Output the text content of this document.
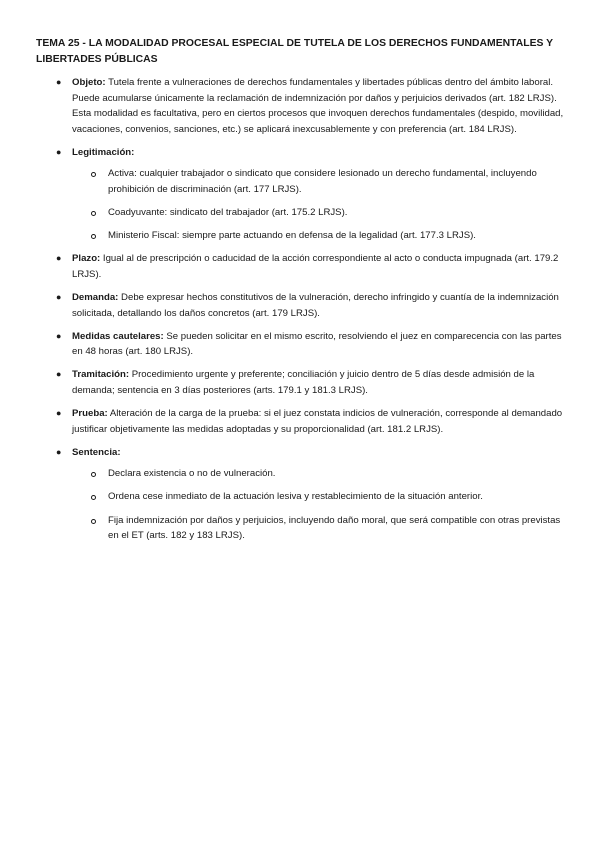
TEMA 25 - LA MODALIDAD PROCESAL ESPECIAL DE TUTELA DE LOS DERECHOS FUNDAMENTALES Y LIBERTADES PÚBLICAS
● Objeto: Tutela frente a vulneraciones de derechos fundamentales y libertades públicas dentro del ámbito laboral. Puede acumularse únicamente la reclamación de indemnización por daños y perjuicios derivados (art. 182 LRJS). Esta modalidad es facultativa, pero en ciertos procesos que invoquen derechos fundamentales (despido, movilidad, vacaciones, convenios, sanciones, etc.) se aplicará inexcusablemente y con preferencia (art. 184 LRJS).
● Legitimación:
Activa: cualquier trabajador o sindicato que considere lesionado un derecho fundamental, incluyendo prohibición de discriminación (art. 177 LRJS).
Coadyuvante: sindicato del trabajador (art. 175.2 LRJS).
Ministerio Fiscal: siempre parte actuando en defensa de la legalidad (art. 177.3 LRJS).
● Plazo: Igual al de prescripción o caducidad de la acción correspondiente al acto o conducta impugnada (art. 179.2 LRJS).
● Demanda: Debe expresar hechos constitutivos de la vulneración, derecho infringido y cuantía de la indemnización solicitada, detallando los daños concretos (art. 179 LRJS).
● Medidas cautelares: Se pueden solicitar en el mismo escrito, resolviendo el juez en comparecencia con las partes en 48 horas (art. 180 LRJS).
● Tramitación: Procedimiento urgente y preferente; conciliación y juicio dentro de 5 días desde admisión de la demanda; sentencia en 3 días posteriores (arts. 179.1 y 181.3 LRJS).
● Prueba: Alteración de la carga de la prueba: si el juez constata indicios de vulneración, corresponde al demandado justificar objetivamente las medidas adoptadas y su proporcionalidad (art. 181.2 LRJS).
● Sentencia:
Declara existencia o no de vulneración.
Ordena cese inmediato de la actuación lesiva y restablecimiento de la situación anterior.
Fija indemnización por daños y perjuicios, incluyendo daño moral, que será compatible con otras previstas en el ET (arts. 182 y 183 LRJS).
